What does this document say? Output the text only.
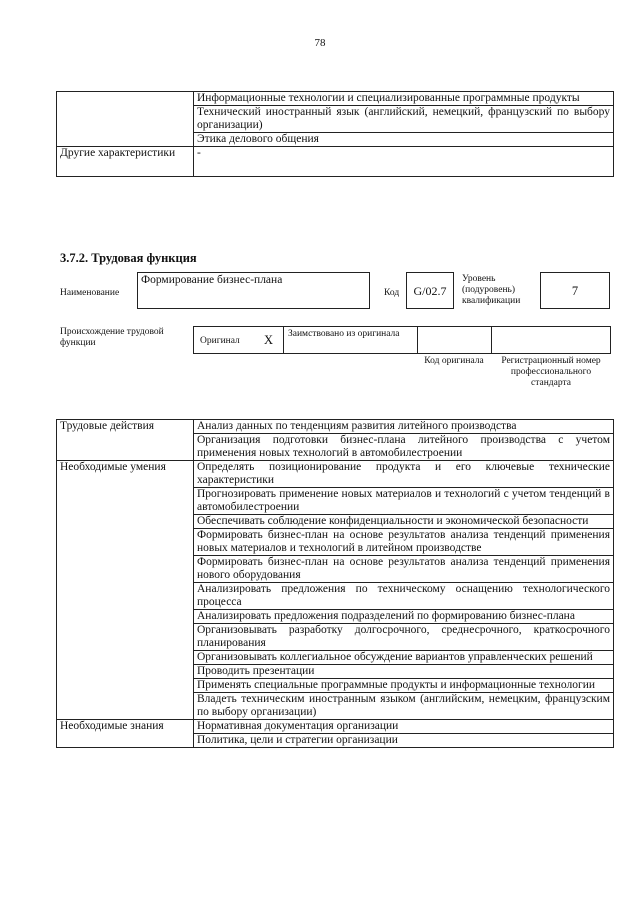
78
	Информационные технологии и специализированные программные продукты
	Технический иностранный язык (английский, немецкий, французский по выбору организации)
	Этика делового общения
Другие характеристики	-
3.7.2. Трудовая функция
Наименование
Формирование бизнес-плана
Код	G/02.7
Уровень (подуровень) квалификации
7
Происхождение трудовой функции	Оригинал X Заимствовано из оригинала
Код оригинала	Регистрационный номер профессионального стандарта
Трудовые действия	Анализ данных по тенденциям развития литейного производства
	Организация подготовки бизнес-плана литейного производства с учетом применения новых технологий в автомобилестроении
Необходимые умения	Определять позиционирование продукта и его ключевые технические характеристики
	Прогнозировать применение новых материалов и технологий с учетом тенденций в автомобилестроении
	Обеспечивать соблюдение конфиденциальности и экономической безопасности
	Формировать бизнес-план на основе результатов анализа тенденций применения новых материалов и технологий в литейном производстве
	Формировать бизнес-план на основе результатов анализа тенденций применения нового оборудования
	Анализировать предложения по техническому оснащению технологического процесса
	Анализировать предложения подразделений по формированию бизнес-плана
	Организовывать разработку долгосрочного, среднесрочного, краткосрочного планирования
	Организовывать коллегиальное обсуждение вариантов управленческих решений
	Проводить презентации
	Применять специальные программные продукты и информационные технологии
	Владеть техническим иностранным языком (английским, немецким, французским по выбору организации)
Необходимые знания	Нормативная документация организации
	Политика, цели и стратегии организации
